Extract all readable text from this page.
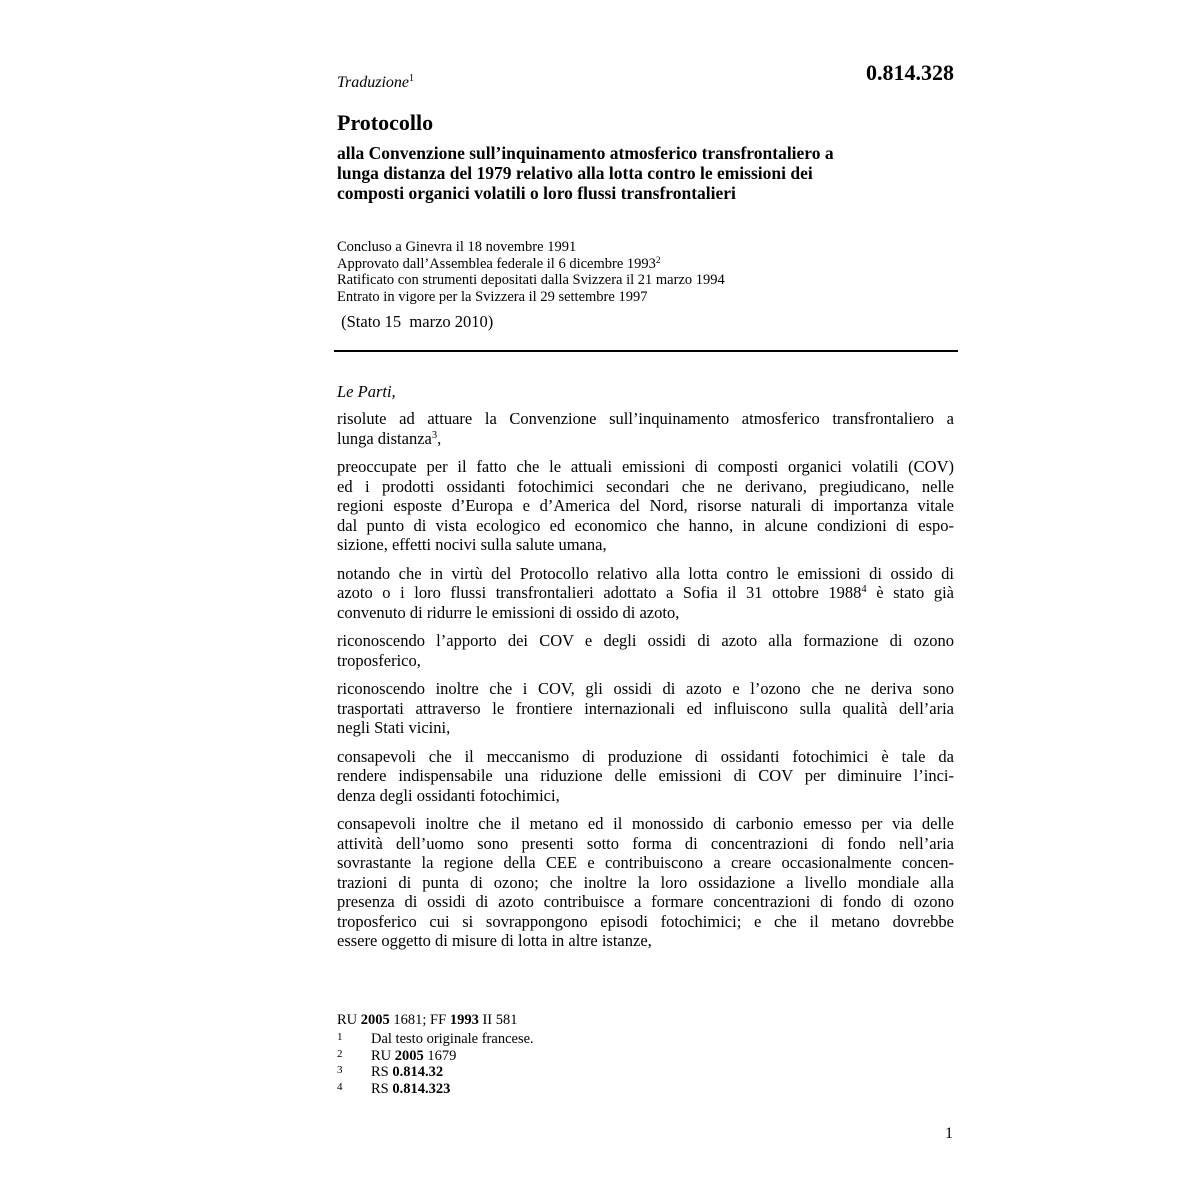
Traduzione$^1$	0.814.328
Protocollo
alla Convenzione sull’inquinamento atmosferico transfrontaliero a
lunga distanza del 1979 relativo alla lotta contro le emissioni dei
composti organici volatili o loro flussi transfrontalieri
Concluso a Ginevra il 18 novembre 1991
Approvato dall’Assemblea federale il 6 dicembre 1993$^2$
Ratificato con strumenti depositati dalla Svizzera il 21 marzo 1994
Entrato in vigore per la Svizzera il 29 settembre 1997
(Stato 15  marzo 2010)
Le Parti,
risolute ad attuare la Convenzione sull’inquinamento atmosferico transfrontaliero a
lunga distanza$^3$,
preoccupate per il fatto che le attuali emissioni di composti organici volatili (COV)
ed i prodotti ossidanti fotochimici secondari che ne derivano, pregiudicano, nelle
regioni esposte d’Europa e d’America del Nord, risorse naturali di importanza vitale
dal punto di vista ecologico ed economico che hanno, in alcune condizioni di espo-
sizione, effetti nocivi sulla salute umana,
notando che in virtù del Protocollo relativo alla lotta contro le emissioni di ossido di
azoto o i loro flussi transfrontalieri adottato a Sofia il 31 ottobre 1988$^4$ è stato già
convenuto di ridurre le emissioni di ossido di azoto,
riconoscendo l’apporto dei COV e degli ossidi di azoto alla formazione di ozono
troposferico,
riconoscendo inoltre che i COV, gli ossidi di azoto e l’ozono che ne deriva sono
trasportati attraverso le frontiere internazionali ed influiscono sulla qualità dell’aria
negli Stati vicini,
consapevoli che il meccanismo di produzione di ossidanti fotochimici è tale da
rendere indispensabile una riduzione delle emissioni di COV per diminuire l’inci-
denza degli ossidanti fotochimici,
consapevoli inoltre che il metano ed il monossido di carbonio emesso per via delle
attività dell’uomo sono presenti sotto forma di concentrazioni di fondo nell’aria
sovrastante la regione della CEE e contribuiscono a creare occasionalmente concen-
trazioni di punta di ozono; che inoltre la loro ossidazione a livello mondiale alla
presenza di ossidi di azoto contribuisce a formare concentrazioni di fondo di ozono
troposferico cui si sovrappongono episodi fotochimici; e che il metano dovrebbe
essere oggetto di misure di lotta in altre istanze,
RU 2005 1681; FF 1993 II 581
1	Dal testo originale francese.
2	RU 2005 1679
3	RS 0.814.32
4	RS 0.814.323
1
